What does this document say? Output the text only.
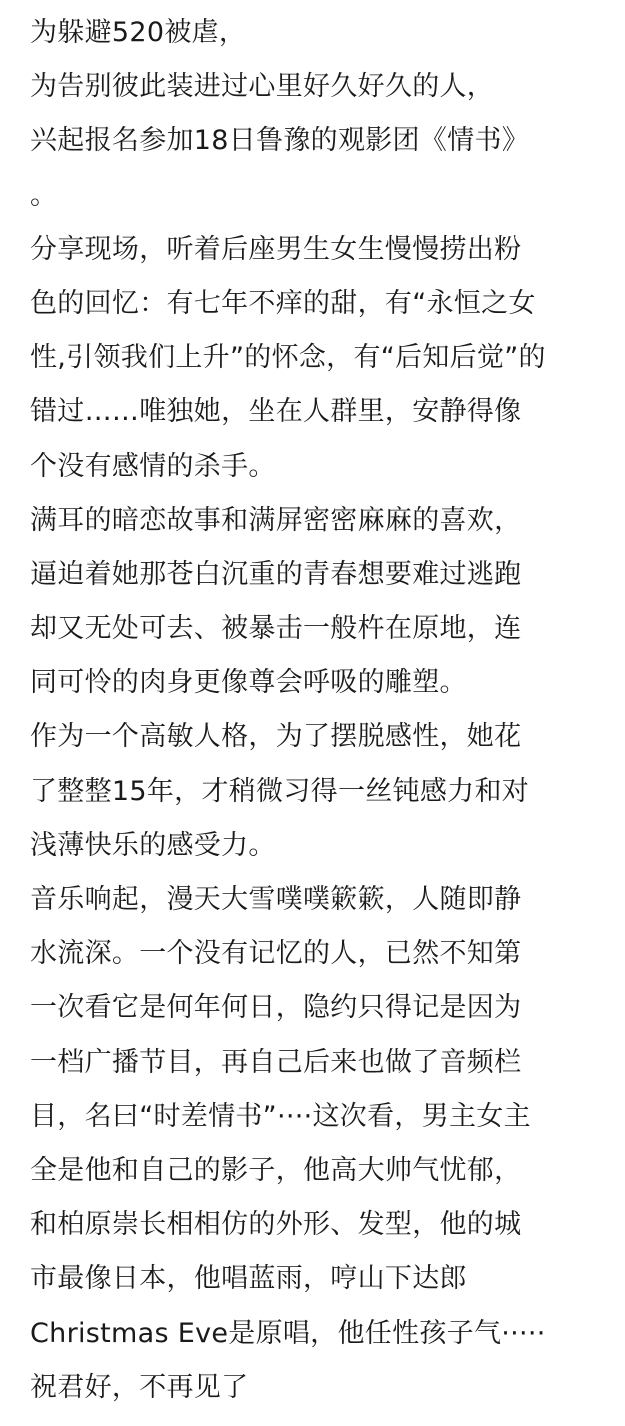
为躲避520被虐，
为告别彼此装进过心里好久好久的人，
兴起报名参加18日鲁豫的观影团《情书》
。
分享现场，听着后座男生女生慢慢捞出粉
色的回忆：有七年不痒的甜，有“永恒之女
性,引领我们上升”的怀念，有“后知后觉”的
错过……唯独她，坐在人群里，安静得像
个没有感情的杀手。
满耳的暗恋故事和满屏密密麻麻的喜欢，
逼迫着她那苍白沉重的青春想要难过逃跑
却又无处可去、被暴击一般杵在原地，连
同可怜的肉身更像尊会呼吸的雕塑。
作为一个高敏人格，为了摆脱感性，她花
了整整15年，才稍微习得一丝钝感力和对
浅薄快乐的感受力。
音乐响起，漫天大雪噗噗簌簌，人随即静
水流深。一个没有记忆的人，已然不知第
一次看它是何年何日，隐约只得记是因为
一档广播节目，再自己后来也做了音频栏
目，名曰“时差情书”····这次看，男主女主
全是他和自己的影子，他高大帅气忧郁，
和柏原崇长相相仿的外形、发型，他的城
市最像日本，他唱蓝雨，哼山下达郎
Christmas Eve是原唱，他任性孩子气·····
祝君好，不再见了
